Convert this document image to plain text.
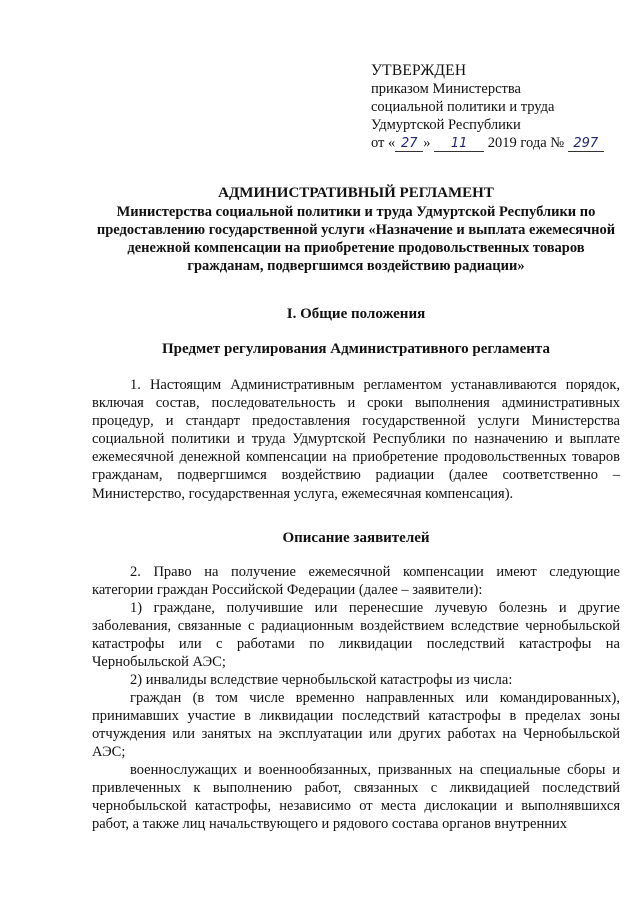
УТВЕРЖДЕН
приказом Министерства
социальной политики и труда
Удмуртской Республики
от « 27 » 11 2019 года № 297
АДМИНИСТРАТИВНЫЙ РЕГЛАМЕНТ
Министерства социальной политики и труда Удмуртской Республики по предоставлению государственной услуги «Назначение и выплата ежемесячной денежной компенсации на приобретение продовольственных товаров гражданам, подвергшимся воздействию радиации»
I. Общие положения
Предмет регулирования Административного регламента
1. Настоящим Административным регламентом устанавливаются порядок, включая состав, последовательность и сроки выполнения административных процедур, и стандарт предоставления государственной услуги Министерства социальной политики и труда Удмуртской Республики по назначению и выплате ежемесячной денежной компенсации на приобретение продовольственных товаров гражданам, подвергшимся воздействию радиации (далее соответственно – Министерство, государственная услуга, ежемесячная компенсация).
Описание заявителей
2. Право на получение ежемесячной компенсации имеют следующие категории граждан Российской Федерации (далее – заявители):
1) граждане, получившие или перенесшие лучевую болезнь и другие заболевания, связанные с радиационным воздействием вследствие чернобыльской катастрофы или с работами по ликвидации последствий катастрофы на Чернобыльской АЭС;
2) инвалиды вследствие чернобыльской катастрофы из числа:
граждан (в том числе временно направленных или командированных), принимавших участие в ликвидации последствий катастрофы в пределах зоны отчуждения или занятых на эксплуатации или других работах на Чернобыльской АЭС;
военнослужащих и военнообязанных, призванных на специальные сборы и привлеченных к выполнению работ, связанных с ликвидацией последствий чернобыльской катастрофы, независимо от места дислокации и выполнявшихся работ, а также лиц начальствующего и рядового состава органов внутренних
